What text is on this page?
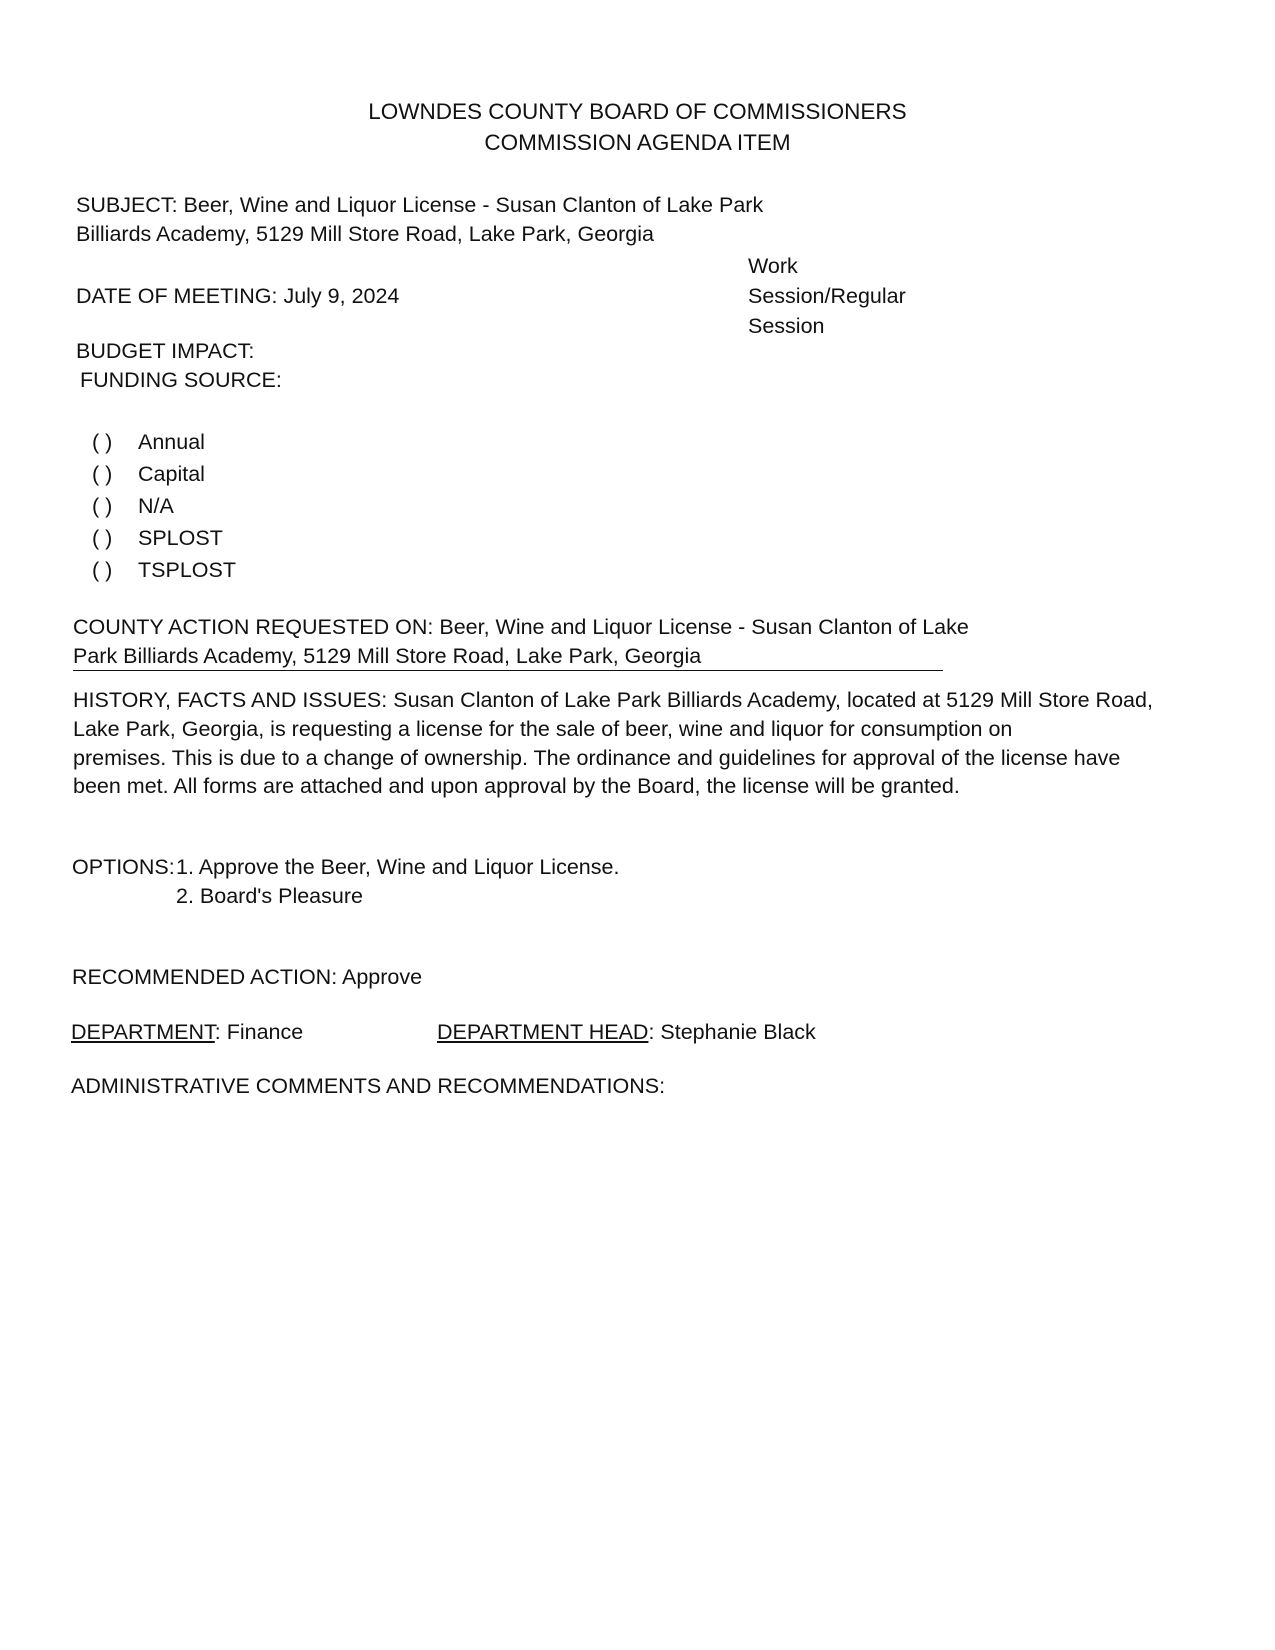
LOWNDES COUNTY BOARD OF COMMISSIONERS
COMMISSION AGENDA ITEM
SUBJECT: Beer, Wine and Liquor License - Susan Clanton of Lake Park
Billiards Academy, 5129 Mill Store Road, Lake Park, Georgia
DATE OF MEETING: July 9, 2024
Work
Session/Regular
Session
BUDGET IMPACT:
FUNDING SOURCE:
( ) Annual
( ) Capital
( ) N/A
( ) SPLOST
( ) TSPLOST
COUNTY ACTION REQUESTED ON: Beer, Wine and Liquor License - Susan Clanton of Lake
Park Billiards Academy, 5129 Mill Store Road, Lake Park, Georgia
HISTORY, FACTS AND ISSUES: Susan Clanton of Lake Park Billiards Academy, located at 5129 Mill Store Road,
Lake Park, Georgia, is requesting a license for the sale of beer, wine and liquor for consumption on
premises. This is due to a change of ownership. The ordinance and guidelines for approval of the license have
been met. All forms are attached and upon approval by the Board, the license will be granted.
OPTIONS: 1. Approve the Beer, Wine and Liquor License.
2. Board's Pleasure
RECOMMENDED ACTION: Approve
DEPARTMENT: Finance	DEPARTMENT HEAD: Stephanie Black
ADMINISTRATIVE COMMENTS AND RECOMMENDATIONS:
